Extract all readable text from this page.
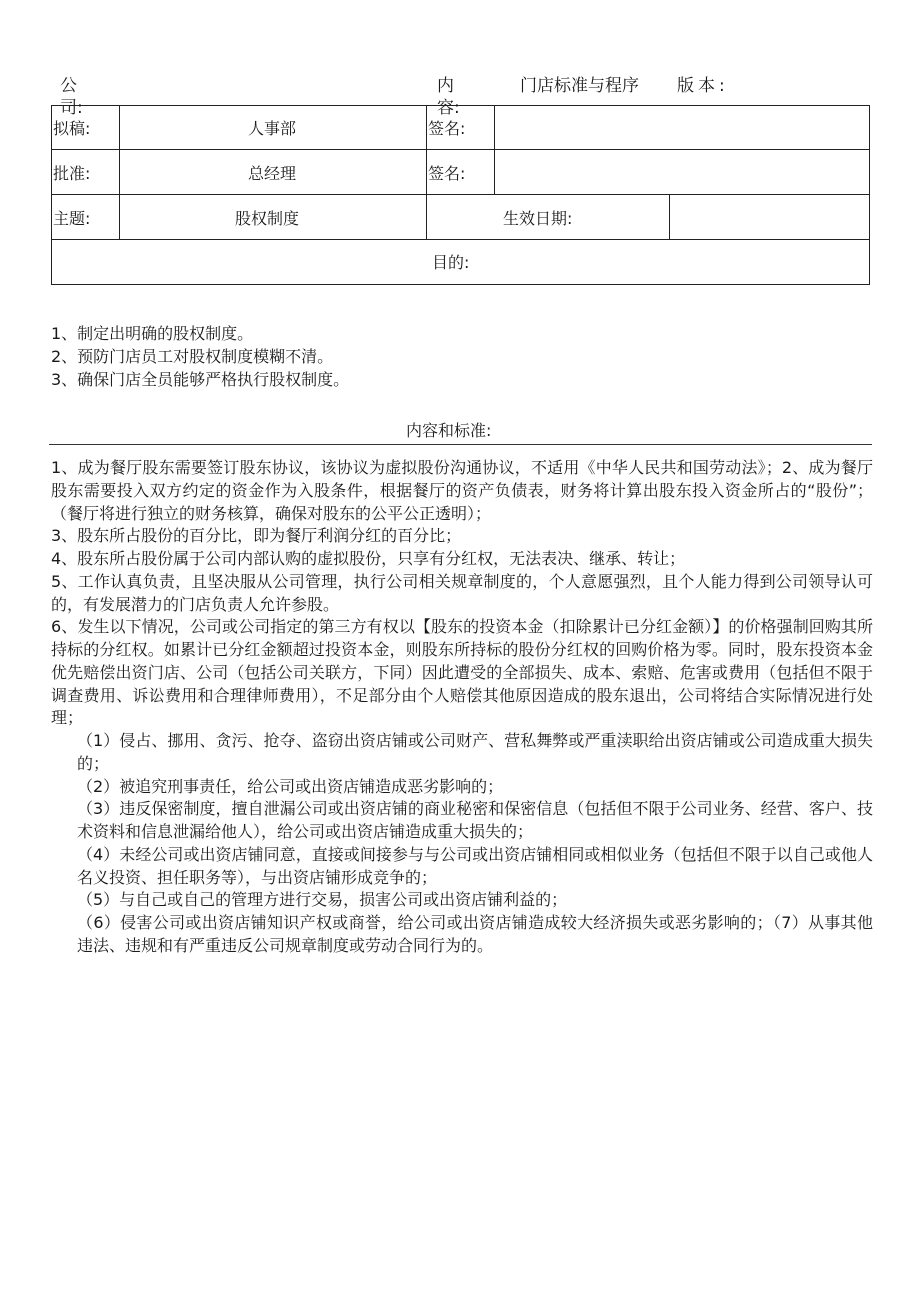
公司:
内容:
门店标准与程序 版本:
拟稿:	人事部	签名:
批准:	总经理	签名:
主题:	股权制度	生效日期:
目的:

1、制定出明确的股权制度。

2、预防门店员工对股权制度模糊不清。

3、确保门店全员能够严格执行股权制度。

内容和标准:

1、成为餐厅股东需要签订股东协议，该协议为虚拟股份沟通协议，不适用《中华人民共和国劳动法》；2、成为餐厅股东需要投入双方约定的资金作为入股条件，根据餐厅的资产负债表，财务将计算出股东投入资金所占的“股份”；（餐厅将进行独立的财务核算，确保对股东的公平公正透明）；

3、股东所占股份的百分比，即为餐厅利润分红的百分比；

4、股东所占股份属于公司内部认购的虚拟股份，只享有分红权，无法表决、继承、转让；

5、工作认真负责，且坚决服从公司管理，执行公司相关规章制度的，个人意愿强烈，且个人能力得到公司领导认可的，有发展潜力的门店负责人允许参股。

6、发生以下情况，公司或公司指定的第三方有权以【股东的投资本金（扣除累计已分红金额）】的价格强制回购其所持标的分红权。如累计已分红金额超过投资本金，则股东所持标的股份分红权的回购价格为零。同时，股东投资本金优先赔偿出资门店、公司（包括公司关联方，下同）因此遭受的全部损失、成本、索赔、危害或费用（包括但不限于调查费用、诉讼费用和合理律师费用），不足部分由个人赔偿其他原因造成的股东退出，公司将结合实际情况进行处理；

（1）侵占、挪用、贪污、抢夺、盗窃出资店铺或公司财产、营私舞弊或严重渎职给出资店铺或公司造成重大损失的；

（2）被追究刑事责任，给公司或出资店铺造成恶劣影响的；

（3）违反保密制度，擅自泄漏公司或出资店铺的商业秘密和保密信息（包括但不限于公司业务、经营、客户、技术资料和信息泄漏给他人），给公司或出资店铺造成重大损失的；

（4）未经公司或出资店铺同意，直接或间接参与与公司或出资店铺相同或相似业务（包括但不限于以自己或他人名义投资、担任职务等），与出资店铺形成竞争的；

（5）与自己或自己的管理方进行交易，损害公司或出资店铺利益的；

（6）侵害公司或出资店铺知识产权或商誉，给公司或出资店铺造成较大经济损失或恶劣影响的；（7）从事其他违法、违规和有严重违反公司规章制度或劳动合同行为的。
